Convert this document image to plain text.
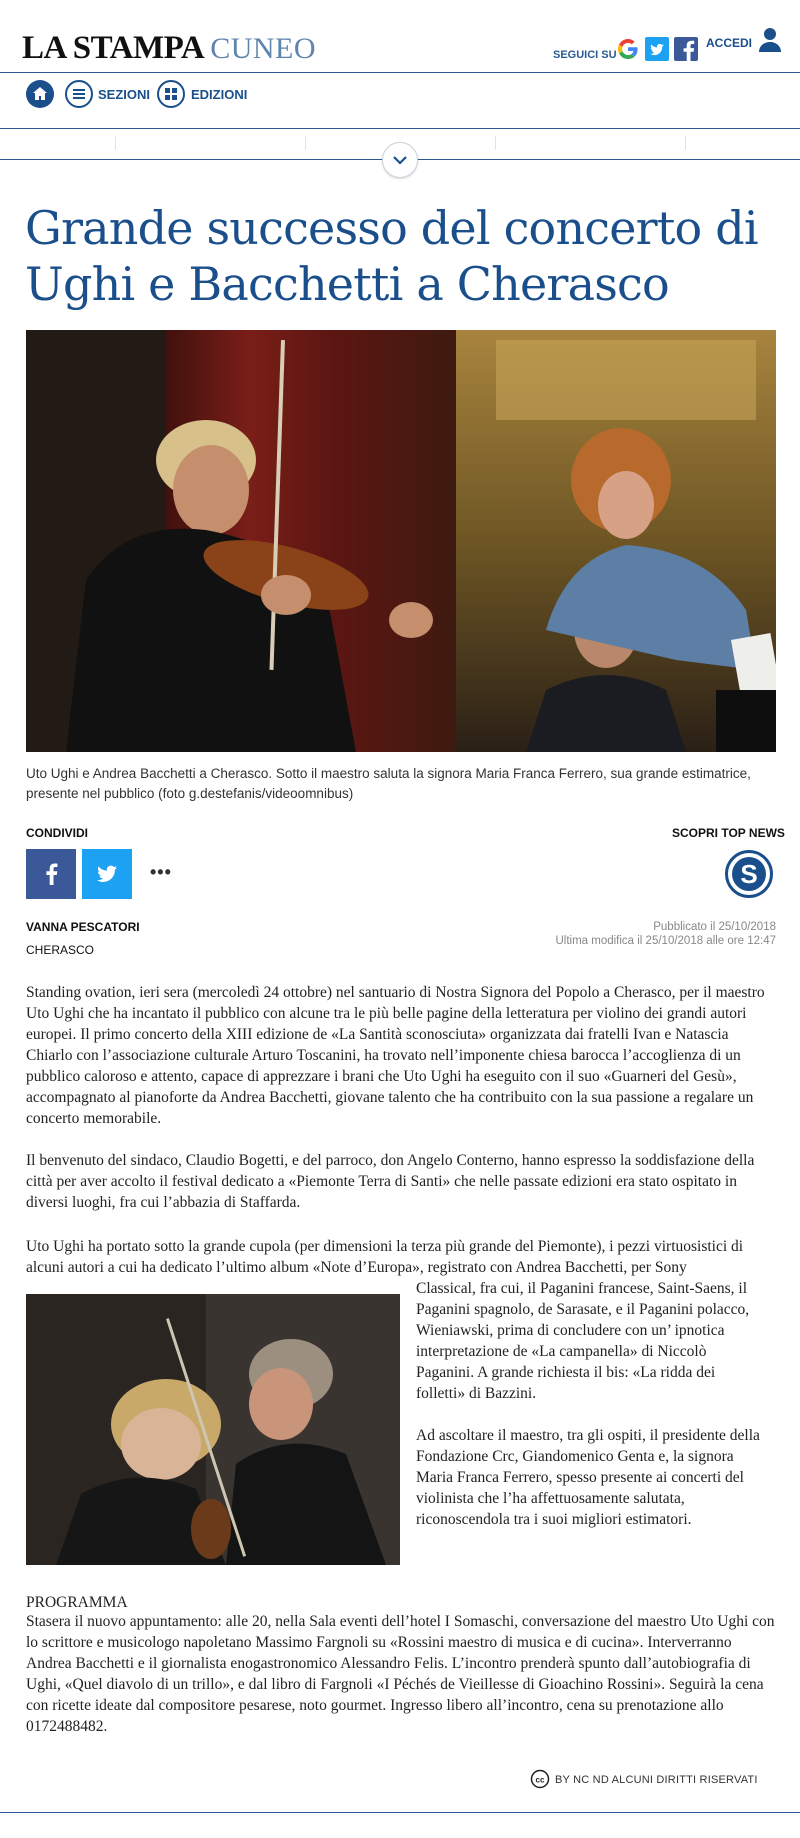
LA STAMPA CUNEO	SEGUICI SU
ACCEDI
SEZIONI	EDIZIONI
Grande successo del concerto di Ughi e Bacchetti a Cherasco
Uto Ughi e Andrea Bacchetti a Cherasco. Sotto il maestro saluta la signora Maria Franca Ferrero, sua grande estimatrice, presente nel pubblico (foto g.destefanis/videoomnibus)
CONDIVIDI
•••
SCOPRI TOP NEWS
S
VANNA PESCATORI
CHERASCO
Pubblicato il 25/10/2018
Ultima modifica il 25/10/2018 alle ore 12:47
Standing ovation, ieri sera (mercoledì 24 ottobre) nel santuario di Nostra Signora del Popolo a Cherasco, per il maestro Uto Ughi che ha incantato il pubblico con alcune tra le più belle pagine della letteratura per violino dei grandi autori europei. Il primo concerto della XIII edizione de «La Santità sconosciuta» organizzata dai fratelli Ivan e Natascia Chiarlo con l’associazione culturale Arturo Toscanini, ha trovato nell’imponente chiesa barocca l’accoglienza di un pubblico caloroso e attento, capace di apprezzare i brani che Uto Ughi ha eseguito con il suo «Guarneri del Gesù», accompagnato al pianoforte da Andrea Bacchetti, giovane talento che ha contribuito con la sua passione a regalare un concerto memorabile.
Il benvenuto del sindaco, Claudio Bogetti, e del parroco, don Angelo Conterno, hanno espresso la soddisfazione della città per aver accolto il festival dedicato a «Piemonte Terra di Santi» che nelle passate edizioni era stato ospitato in diversi luoghi, fra cui l’abbazia di Staffarda.
Uto Ughi ha portato sotto la grande cupola (per dimensioni la terza più grande del Piemonte), i pezzi virtuosistici di alcuni autori a cui ha dedicato l’ultimo album «Note d’Europa», registrato con Andrea Bacchetti, per Sony
Classical, fra cui, il Paganini francese, Saint-Saens, il Paganini spagnolo, de Sarasate, e il Paganini polacco, Wieniawski, prima di concludere con un’ ipnotica interpretazione de «La campanella» di Niccolò Paganini. A grande richiesta il bis: «La ridda dei folletti» di Bazzini.
Ad ascoltare il maestro, tra gli ospiti, il presidente della Fondazione Crc, Giandomenico Genta e, la signora Maria Franca Ferrero, spesso presente ai concerti del violinista che l’ha affettuosamente salutata, riconoscendola tra i suoi migliori estimatori.
PROGRAMMA
Stasera il nuovo appuntamento: alle 20, nella Sala eventi dell’hotel I Somaschi, conversazione del maestro Uto Ughi con lo scrittore e musicologo napoletano Massimo Fargnoli su «Rossini maestro di musica e di cucina». Interverranno Andrea Bacchetti e il giornalista enogastronomico Alessandro Felis. L’incontro prenderà spunto dall’autobiografia di Ughi, «Quel diavolo di un trillo», e dal libro di Fargnoli «I Péchés de Vieillesse di Gioachino Rossini». Seguirà la cena con ricette ideate dal compositore pesarese, noto gourmet. Ingresso libero all’incontro, cena su prenotazione allo 0172488482.
cc BY NC ND ALCUNI DIRITTI RISERVATI
